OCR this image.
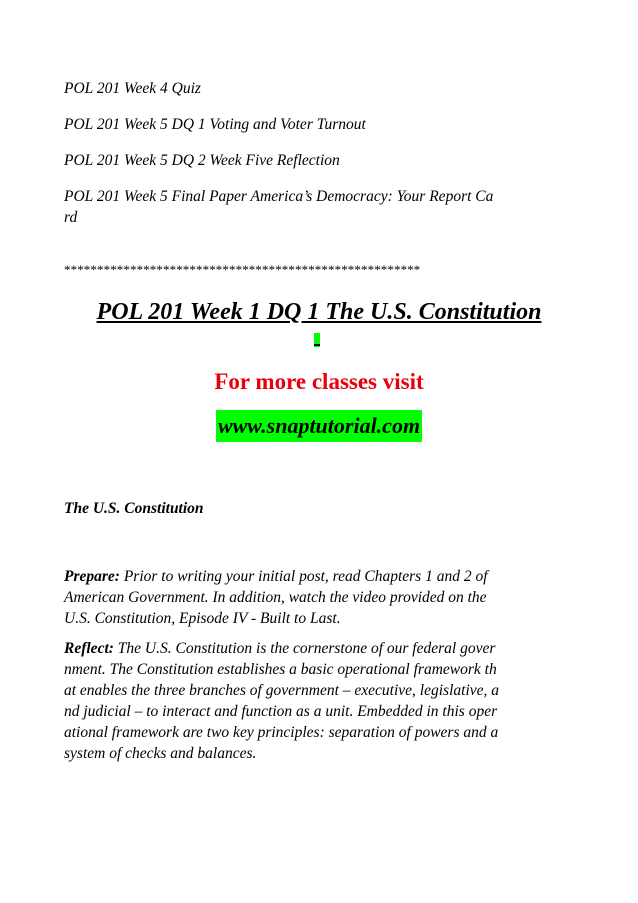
POL 201 Week 4 Quiz
POL 201 Week 5 DQ 1 Voting and Voter Turnout
POL 201 Week 5 DQ 2 Week Five Reflection
POL 201 Week 5 Final Paper America’s Democracy: Your Report Ca
rd
******************************************************
POL 201 Week 1 DQ 1 The U.S. Constitution
For more classes visit
www.snaptutorial.com
The U.S. Constitution
Prepare: Prior to writing your initial post, read Chapters 1 and 2 of
American Government. In addition, watch the video provided on the
U.S. Constitution, Episode IV - Built to Last.
Reflect: The U.S. Constitution is the cornerstone of our federal gover
nment. The Constitution establishes a basic operational framework th
at enables the three branches of government – executive, legislative, a
nd judicial – to interact and function as a unit. Embedded in this oper
ational framework are two key principles: separation of powers and a
system of checks and balances.
